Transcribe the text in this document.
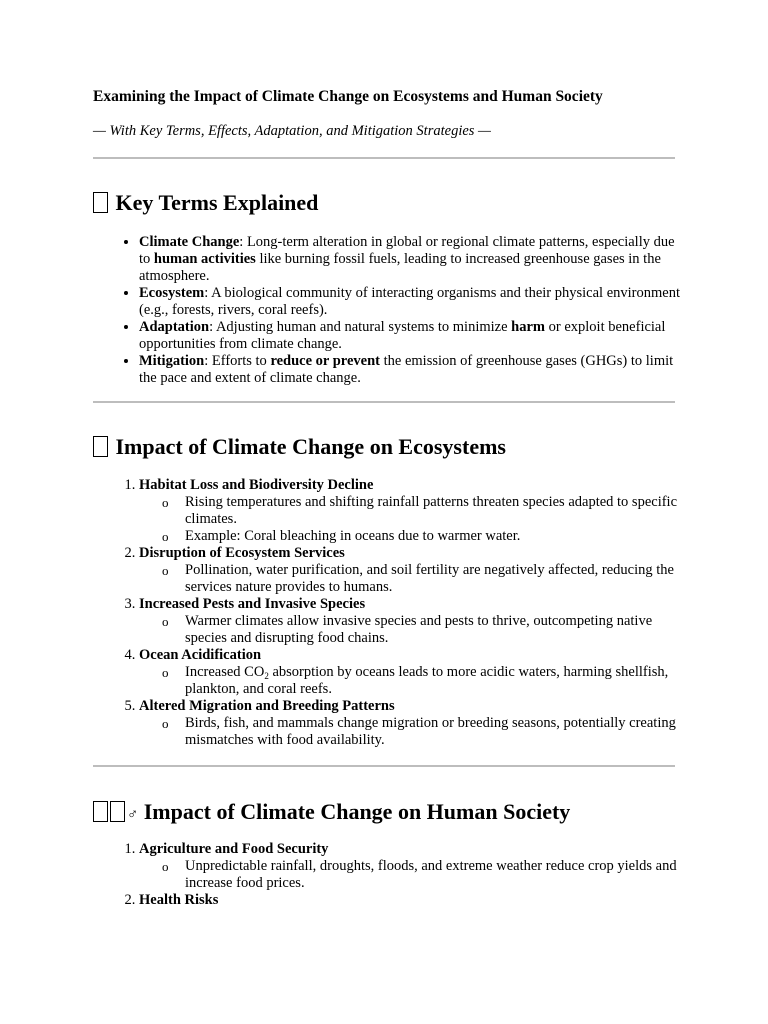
Examining the Impact of Climate Change on Ecosystems and Human Society
— With Key Terms, Effects, Adaptation, and Mitigation Strategies —
Key Terms Explained
• Climate Change: Long-term alteration in global or regional climate patterns, especially due to human activities like burning fossil fuels, leading to increased greenhouse gases in the atmosphere.
• Ecosystem: A biological community of interacting organisms and their physical environment (e.g., forests, rivers, coral reefs).
• Adaptation: Adjusting human and natural systems to minimize harm or exploit beneficial opportunities from climate change.
• Mitigation: Efforts to reduce or prevent the emission of greenhouse gases (GHGs) to limit the pace and extent of climate change.
Impact of Climate Change on Ecosystems
1. Habitat Loss and Biodiversity Decline
o Rising temperatures and shifting rainfall patterns threaten species adapted to specific climates.
o Example: Coral bleaching in oceans due to warmer water.
2. Disruption of Ecosystem Services
o Pollination, water purification, and soil fertility are negatively affected, reducing the services nature provides to humans.
3. Increased Pests and Invasive Species
o Warmer climates allow invasive species and pests to thrive, outcompeting native species and disrupting food chains.
4. Ocean Acidification
o Increased $CO_2$ absorption by oceans leads to more acidic waters, harming shellfish, plankton, and coral reefs.
5. Altered Migration and Breeding Patterns
o Birds, fish, and mammals change migration or breeding seasons, potentially creating mismatches with food availability.
♂ Impact of Climate Change on Human Society
1. Agriculture and Food Security
o Unpredictable rainfall, droughts, floods, and extreme weather reduce crop yields and increase food prices.
2. Health Risks
